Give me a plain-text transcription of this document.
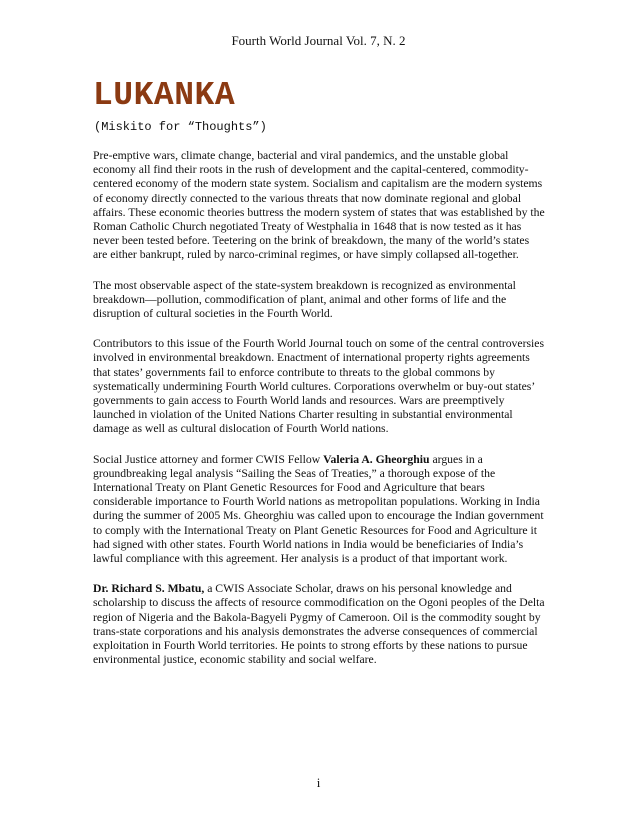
Fourth World Journal Vol. 7, N. 2
LUKANKA
(Miskito for “Thoughts”)

Pre-emptive wars, climate change, bacterial and viral pandemics, and the unstable global economy all find their roots in the rush of development and the capital-centered, commodity-centered economy of the modern state system. Socialism and capitalism are the modern systems of economy directly connected to the various threats that now dominate regional and global affairs. These economic theories buttress the modern system of states that was established by the Roman Catholic Church negotiated Treaty of Westphalia in 1648 that is now tested as it has never been tested before. Teetering on the brink of breakdown, the many of the world’s states are either bankrupt, ruled by narco-criminal regimes, or have simply collapsed all-together.

The most observable aspect of the state-system breakdown is recognized as environmental breakdown—pollution, commodification of plant, animal and other forms of life and the disruption of cultural societies in the Fourth World.

Contributors to this issue of the Fourth World Journal touch on some of the central controversies involved in environmental breakdown. Enactment of international property rights agreements that states’ governments fail to enforce contribute to threats to the global commons by systematically undermining Fourth World cultures. Corporations overwhelm or buy-out states’ governments to gain access to Fourth World lands and resources. Wars are preemptively launched in violation of the United Nations Charter resulting in substantial environmental damage as well as cultural dislocation of Fourth World nations.

Social Justice attorney and former CWIS Fellow Valeria A. Gheorghiu argues in a groundbreaking legal analysis “Sailing the Seas of Treaties,” a thorough expose of the International Treaty on Plant Genetic Resources for Food and Agriculture that bears considerable importance to Fourth World nations as metropolitan populations. Working in India during the summer of 2005 Ms. Gheorghiu was called upon to encourage the Indian government to comply with the International Treaty on Plant Genetic Resources for Food and Agriculture it had signed with other states. Fourth World nations in India would be beneficiaries of India’s lawful compliance with this agreement. Her analysis is a product of that important work.

Dr. Richard S. Mbatu, a CWIS Associate Scholar, draws on his personal knowledge and scholarship to discuss the affects of resource commodification on the Ogoni peoples of the Delta region of Nigeria and the Bakola-Bagyeli Pygmy of Cameroon. Oil is the commodity sought by trans-state corporations and his analysis demonstrates the adverse consequences of commercial exploitation in Fourth World territories. He points to strong efforts by these nations to pursue environmental justice, economic stability and social welfare.

i
